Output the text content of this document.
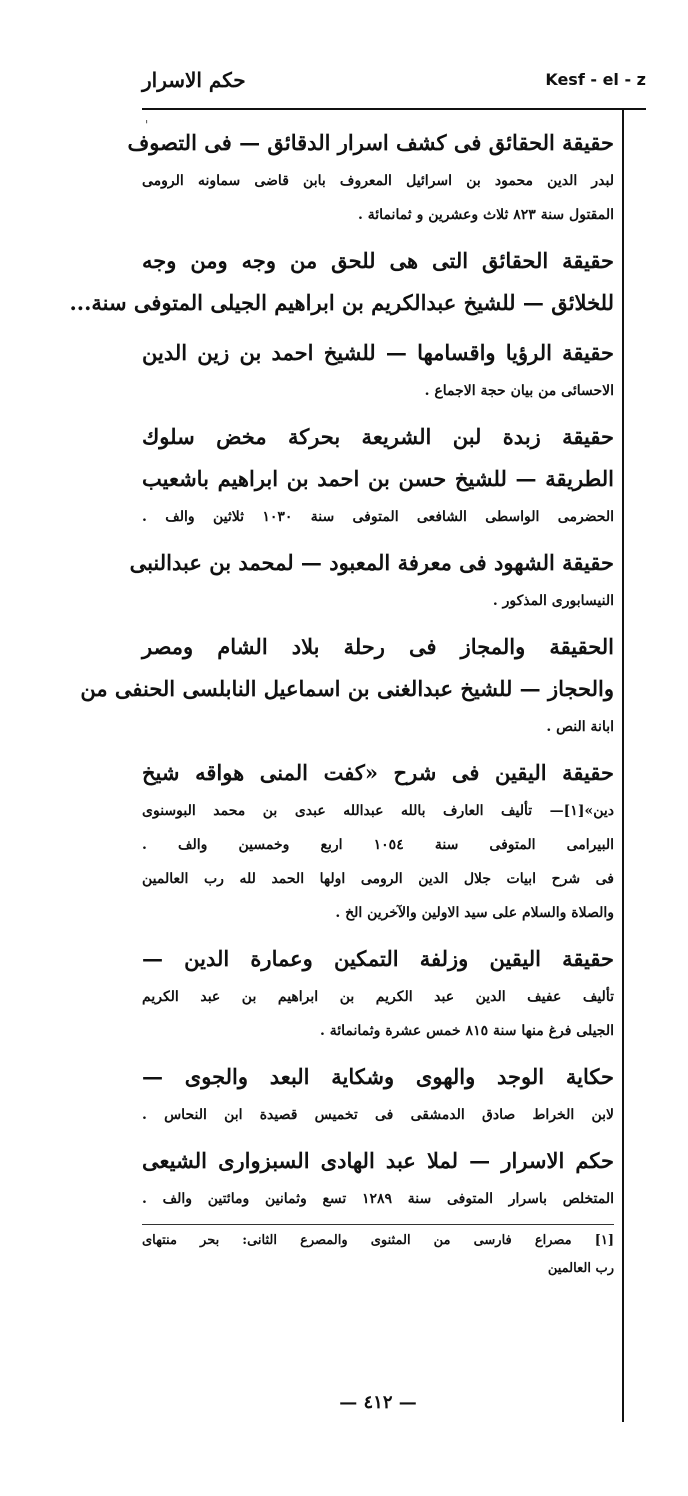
حكم الاسرار	Kesf - el - z
'
حقيقة الحقائق فى كشف اسرار الدقائق — فى التصوف
لبدر الدين محمود بن اسرائيل المعروف بابن قاضى سماونه الرومى
المقتول سنة ٨٢٣ ثلاث وعشرين و ثمانمائة .
حقيقة الحقائق التى هى للحق من وجه ومن وجه
للخلائق — للشيخ عبدالكريم بن ابراهيم الجيلى المتوفى سنة...
حقيقة الرؤيا واقسامها — للشيخ احمد بن زين الدين
الاحسائى من بيان حجة الاجماع .
حقيقة زبدة لبن الشريعة بحركة مخض سلوك
الطريقة — للشيخ حسن بن احمد بن ابراهيم باشعيب
الحضرمى الواسطى الشافعى المتوفى سنة ١٠٣٠ ثلاثين والف .
حقيقة الشهود فى معرفة المعبود — لمحمد بن عبدالنبى
النيسابورى المذكور .
الحقيقة والمجاز فى رحلة بلاد الشام ومصر
والحجاز — للشيخ عبدالغنى بن اسماعيل النابلسى الحنفى من
ابانة النص .
حقيقة اليقين فى شرح «كفت المنى هواقه شيخ
دين»[١]— تأليف العارف بالله عبدالله عبدى بن محمد البوسنوى
البيرامى المتوفى سنة ١٠٥٤ اربع وخمسين والف .
فى شرح ابيات جلال الدين الرومى اولها الحمد لله رب العالمين
والصلاة والسلام على سيد الاولين والآخرين الخ .
حقيقة اليقين وزلفة التمكين وعمارة الدين —
تأليف عفيف الدين عبد الكريم بن ابراهيم بن عبد الكريم
الجيلى فرغ منها سنة ٨١٥ خمس عشرة وثمانمائة .
حكاية الوجد والهوى وشكاية البعد والجوى —
لابن الخراط صادق الدمشقى فى تخميس قصيدة ابن النحاس .
حكم الاسرار — لملا عبد الهادى السبزوارى الشيعى
المتخلص باسرار المتوفى سنة ١٢٨٩ تسع وثمانين ومائتين والف .
[١] مصراع فارسى من المثنوى والمصرع الثانى: بحر منتهاى
رب العالمين
— ٤١٢ —
